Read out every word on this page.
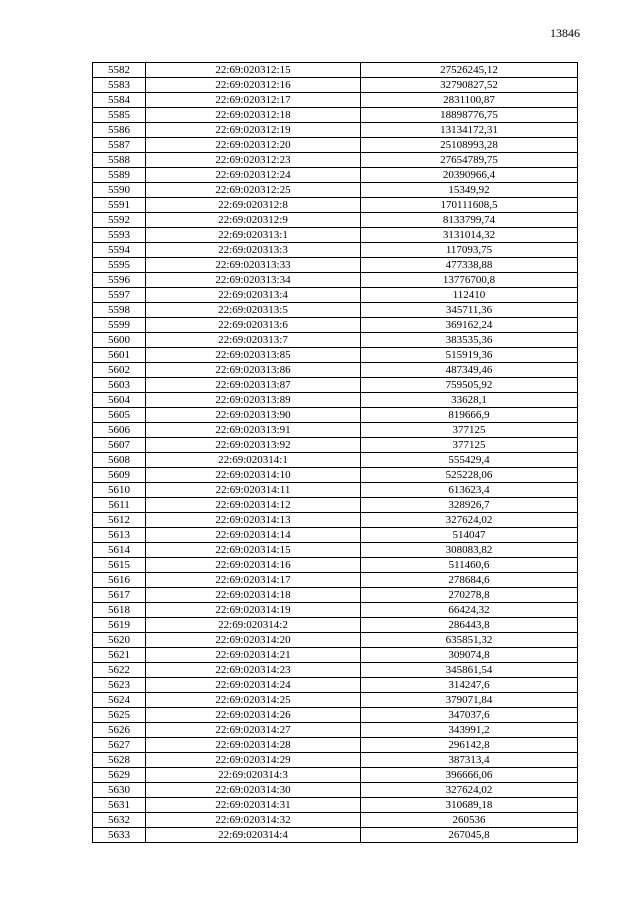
13846
5582	22:69:020312:15	27526245,12
5583	22:69:020312:16	32790827,52
5584	22:69:020312:17	2831100,87
5585	22:69:020312:18	18898776,75
5586	22:69:020312:19	13134172,31
5587	22:69:020312:20	25108993,28
5588	22:69:020312:23	27654789,75
5589	22:69:020312:24	20390966,4
5590	22:69:020312:25	15349,92
5591	22:69:020312:8	170111608,5
5592	22:69:020312:9	8133799,74
5593	22:69:020313:1	3131014,32
5594	22:69:020313:3	117093,75
5595	22:69:020313:33	477338,88
5596	22:69:020313:34	13776700,8
5597	22:69:020313:4	112410
5598	22:69:020313:5	345711,36
5599	22:69:020313:6	369162,24
5600	22:69:020313:7	383535,36
5601	22:69:020313:85	515919,36
5602	22:69:020313:86	487349,46
5603	22:69:020313:87	759505,92
5604	22:69:020313:89	33628,1
5605	22:69:020313:90	819666,9
5606	22:69:020313:91	377125
5607	22:69:020313:92	377125
5608	22:69:020314:1	555429,4
5609	22:69:020314:10	525228,06
5610	22:69:020314:11	613623,4
5611	22:69:020314:12	328926,7
5612	22:69:020314:13	327624,02
5613	22:69:020314:14	514047
5614	22:69:020314:15	308083,82
5615	22:69:020314:16	511460,6
5616	22:69:020314:17	278684,6
5617	22:69:020314:18	270278,8
5618	22:69:020314:19	66424,32
5619	22:69:020314:2	286443,8
5620	22:69:020314:20	635851,32
5621	22:69:020314:21	309074,8
5622	22:69:020314:23	345861,54
5623	22:69:020314:24	314247,6
5624	22:69:020314:25	379071,84
5625	22:69:020314:26	347037,6
5626	22:69:020314:27	343991,2
5627	22:69:020314:28	296142,8
5628	22:69:020314:29	387313,4
5629	22:69:020314:3	396666,06
5630	22:69:020314:30	327624,02
5631	22:69:020314:31	310689,18
5632	22:69:020314:32	260536
5633	22:69:020314:4	267045,8
